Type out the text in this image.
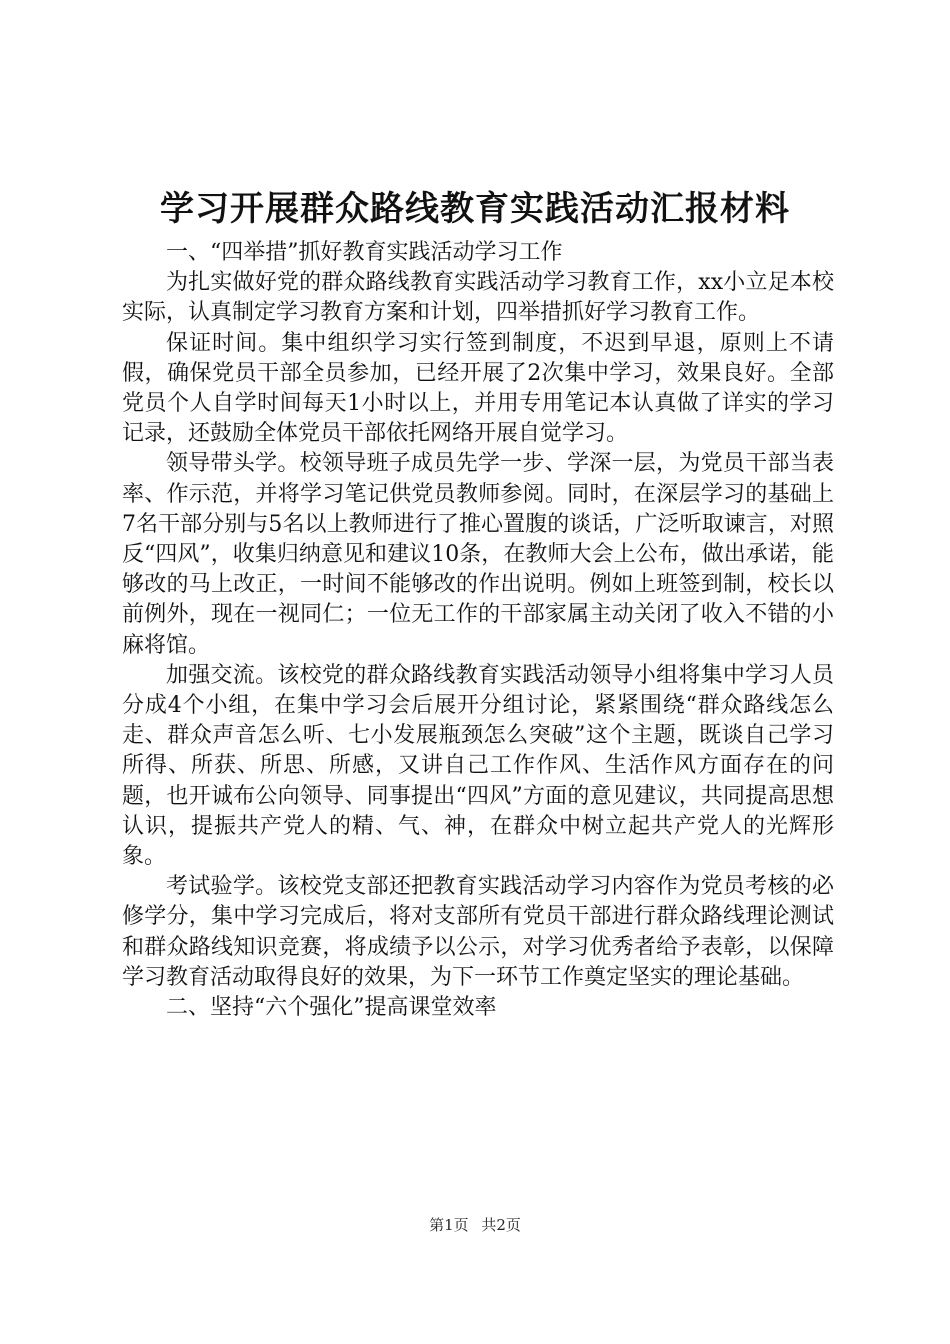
学习开展群众路线教育实践活动汇报材料

一、“四举措”抓好教育实践活动学习工作

为扎实做好党的群众路线教育实践活动学习教育工作，xx小立足本校实际，认真制定学习教育方案和计划，四举措抓好学习教育工作。

保证时间。集中组织学习实行签到制度，不迟到早退，原则上不请假，确保党员干部全员参加，已经开展了2次集中学习，效果良好。全部党员个人自学时间每天1小时以上，并用专用笔记本认真做了详实的学习记录，还鼓励全体党员干部依托网络开展自觉学习。

领导带头学。校领导班子成员先学一步、学深一层，为党员干部当表率、作示范，并将学习笔记供党员教师参阅。同时，在深层学习的基础上7名干部分别与5名以上教师进行了推心置腹的谈话，广泛听取谏言，对照反“四风”，收集归纳意见和建议10条，在教师大会上公布，做出承诺，能够改的马上改正，一时间不能够改的作出说明。例如上班签到制，校长以前例外，现在一视同仁；一位无工作的干部家属主动关闭了收入不错的小麻将馆。

加强交流。该校党的群众路线教育实践活动领导小组将集中学习人员分成4个小组，在集中学习会后展开分组讨论，紧紧围绕“群众路线怎么走、群众声音怎么听、七小发展瓶颈怎么突破”这个主题，既谈自己学习所得、所获、所思、所感，又讲自己工作作风、生活作风方面存在的问题，也开诚布公向领导、同事提出“四风”方面的意见建议，共同提高思想认识，提振共产党人的精、气、神，在群众中树立起共产党人的光辉形象。

考试验学。该校党支部还把教育实践活动学习内容作为党员考核的必修学分，集中学习完成后，将对支部所有党员干部进行群众路线理论测试和群众路线知识竞赛，将成绩予以公示，对学习优秀者给予表彰，以保障学习教育活动取得良好的效果，为下一环节工作奠定坚实的理论基础。

二、坚持“六个强化”提高课堂效率

第1页 共2页
